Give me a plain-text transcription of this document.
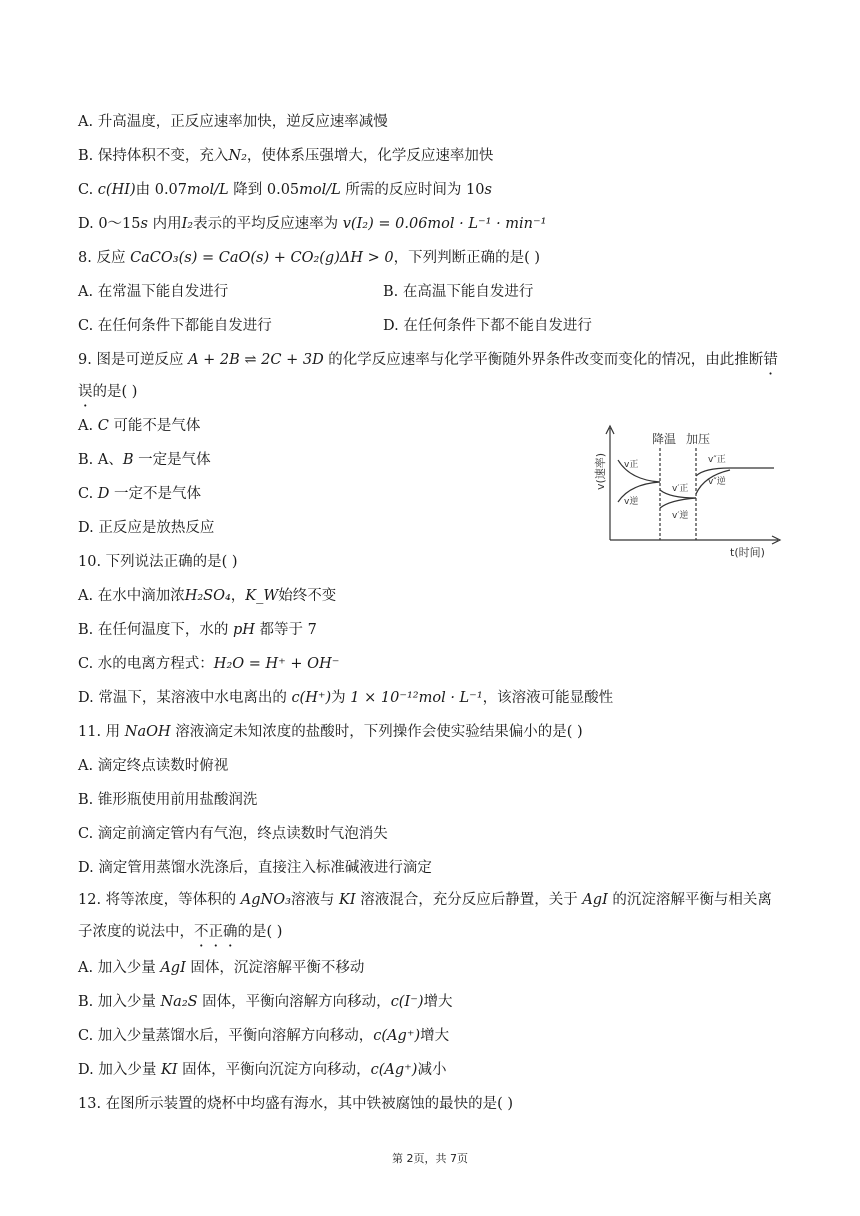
A. 升高温度，正反应速率加快，逆反应速率减慢
B. 保持体积不变，充入N₂，使体系压强增大，化学反应速率加快
C. c(HI)由 0.07mol/L 降到 0.05mol/L 所需的反应时间为 10s
D. 0～15s 内用I₂表示的平均反应速率为 v(I₂) = 0.06mol · L⁻¹ · min⁻¹
8. 反应 CaCO₃(s) = CaO(s) + CO₂(g)ΔH > 0，下列判断正确的是( )
A. 在常温下能自发进行	B. 在高温下能自发进行
C. 在任何条件下都能自发进行	D. 在任何条件下都不能自发进行
9. 图是可逆反应 A + 2B ⇌ 2C + 3D 的化学反应速率与化学平衡随外界条件改变而变化的情况，由此推断错
误的是( )
A. C 可能不是气体
B. A、B 一定是气体
C. D 一定不是气体
D. 正反应是放热反应
v(速率)
t(时间)
降温 加压
v正
v逆
v′正
v′逆
v″正
v″逆
10. 下列说法正确的是( )
A. 在水中滴加浓H₂SO₄，K_W始终不变
B. 在任何温度下，水的 pH 都等于 7
C. 水的电离方程式：H₂O = H⁺ + OH⁻
D. 常温下，某溶液中水电离出的 c(H⁺)为 1 × 10⁻¹²mol · L⁻¹，该溶液可能显酸性
11. 用 NaOH 溶液滴定未知浓度的盐酸时，下列操作会使实验结果偏小的是( )
A. 滴定终点读数时俯视
B. 锥形瓶使用前用盐酸润洗
C. 滴定前滴定管内有气泡，终点读数时气泡消失
D. 滴定管用蒸馏水洗涤后，直接注入标准碱液进行滴定
12. 将等浓度，等体积的 AgNO₃溶液与 KI 溶液混合，充分反应后静置，关于 AgI 的沉淀溶解平衡与相关离
子浓度的说法中，不正确的是( )
A. 加入少量 AgI 固体，沉淀溶解平衡不移动
B. 加入少量 Na₂S 固体，平衡向溶解方向移动，c(I⁻)增大
C. 加入少量蒸馏水后，平衡向溶解方向移动，c(Ag⁺)增大
D. 加入少量 KI 固体，平衡向沉淀方向移动，c(Ag⁺)减小
13. 在图所示装置的烧杯中均盛有海水，其中铁被腐蚀的最快的是( )
第 2页，共 7页
